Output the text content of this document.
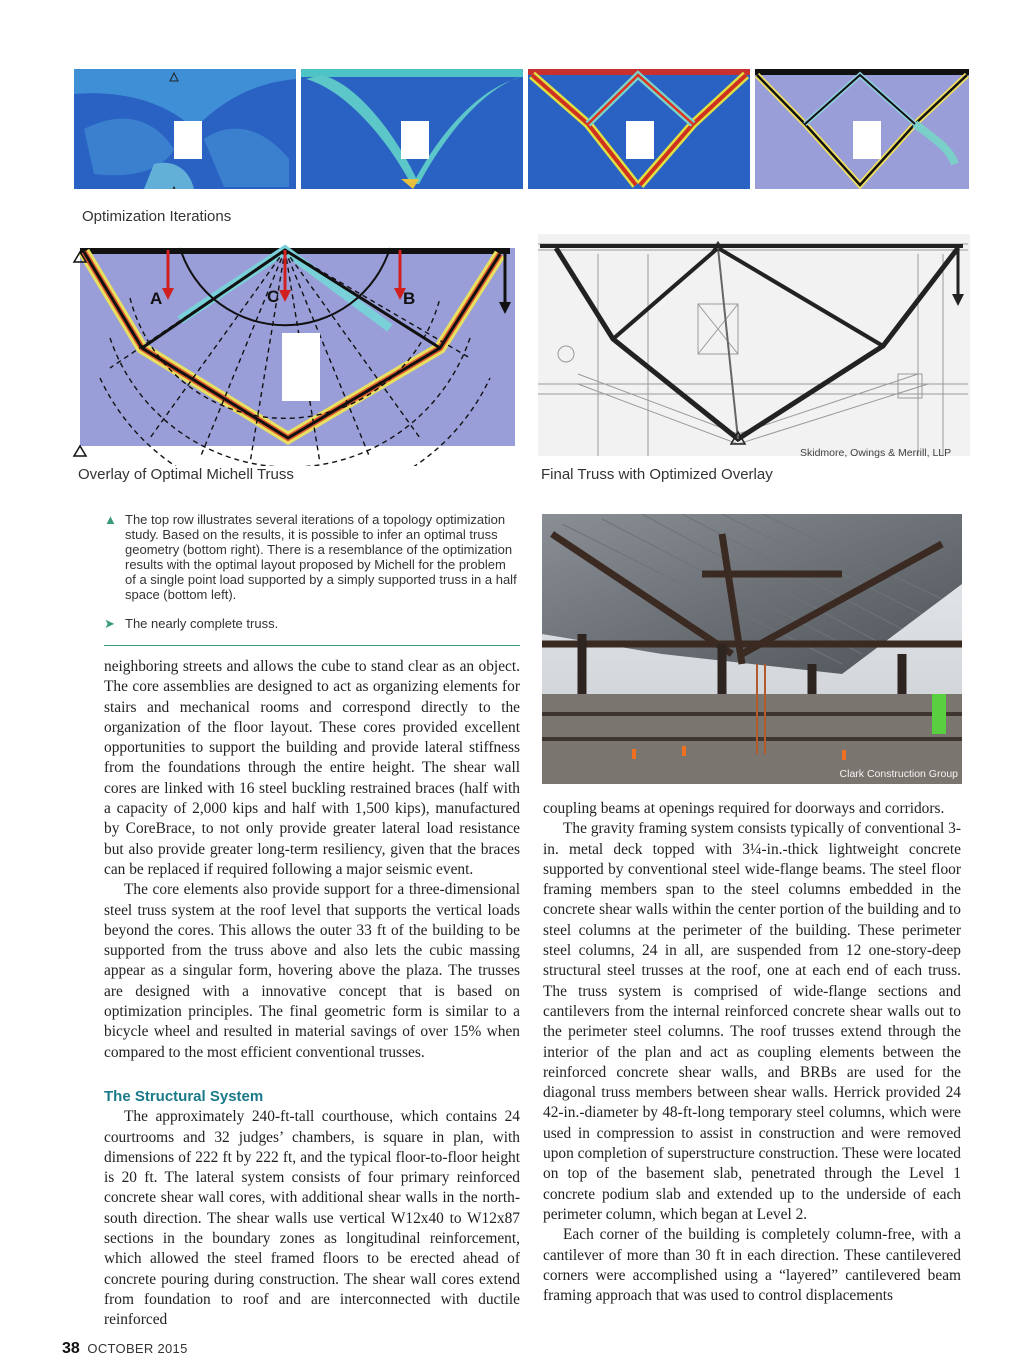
Optimization Iterations
A	C	B
Skidmore, Owings & Merrill, LLP
Overlay of Optimal Michell Truss	Final Truss with Optimized Overlay
▲ The top row illustrates several iterations of a topology optimization study. Based on the results, it is possible to infer an optimal truss geometry (bottom right). There is a resemblance of the optimization results with the optimal layout proposed by Michell for the problem of a single point load supported by a simply supported truss in a half space (bottom left).
➤ The nearly complete truss.
Clark Construction Group

neighboring streets and allows the cube to stand clear as an object. The core assemblies are designed to act as organizing elements for stairs and mechanical rooms and correspond directly to the organization of the floor layout. These cores provided excellent opportunities to support the building and provide lateral stiffness from the foundations through the entire height. The shear wall cores are linked with 16 steel buckling restrained braces (half with a capacity of 2,000 kips and half with 1,500 kips), manufactured by CoreBrace, to not only provide greater lateral load resistance but also provide greater long-term resiliency, given that the braces can be replaced if required following a major seismic event.

The core elements also provide support for a three-dimensional steel truss system at the roof level that supports the vertical loads beyond the cores. This allows the outer 33 ft of the building to be supported from the truss above and also lets the cubic massing appear as a singular form, hovering above the plaza. The trusses are designed with a innovative concept that is based on optimization principles. The final geometric form is similar to a bicycle wheel and resulted in material savings of over 15% when compared to the most efficient conventional trusses.

The Structural System

The approximately 240-ft-tall courthouse, which contains 24 courtrooms and 32 judges’ chambers, is square in plan, with dimensions of 222 ft by 222 ft, and the typical floor-to-floor height is 20 ft. The lateral system consists of four primary reinforced concrete shear wall cores, with additional shear walls in the north-south direction. The shear walls use vertical W12x40 to W12x87 sections in the boundary zones as longitudinal reinforcement, which allowed the steel framed floors to be erected ahead of concrete pouring during construction. The shear wall cores extend from foundation to roof and are interconnected with ductile reinforced

coupling beams at openings required for doorways and corridors.

The gravity framing system consists typically of conventional 3-in. metal deck topped with 3¼-in.-thick lightweight concrete supported by conventional steel wide-flange beams. The steel floor framing members span to the steel columns embedded in the concrete shear walls within the center portion of the building and to steel columns at the perimeter of the building. These perimeter steel columns, 24 in all, are suspended from 12 one-story-deep structural steel trusses at the roof, one at each end of each truss. The truss system is comprised of wide-flange sections and cantilevers from the internal reinforced concrete shear walls out to the perimeter steel columns. The roof trusses extend through the interior of the plan and act as coupling elements between the reinforced concrete shear walls, and BRBs are used for the diagonal truss members between shear walls. Herrick provided 24 42-in.-diameter by 48-ft-long temporary steel columns, which were used in compression to assist in construction and were removed upon completion of superstructure construction. These were located on top of the basement slab, penetrated through the Level 1 concrete podium slab and extended up to the underside of each perimeter column, which began at Level 2.

Each corner of the building is completely column-free, with a cantilever of more than 30 ft in each direction. These cantilevered corners were accomplished using a “layered” cantilevered beam framing approach that was used to control displacements

38 OCTOBER 2015
